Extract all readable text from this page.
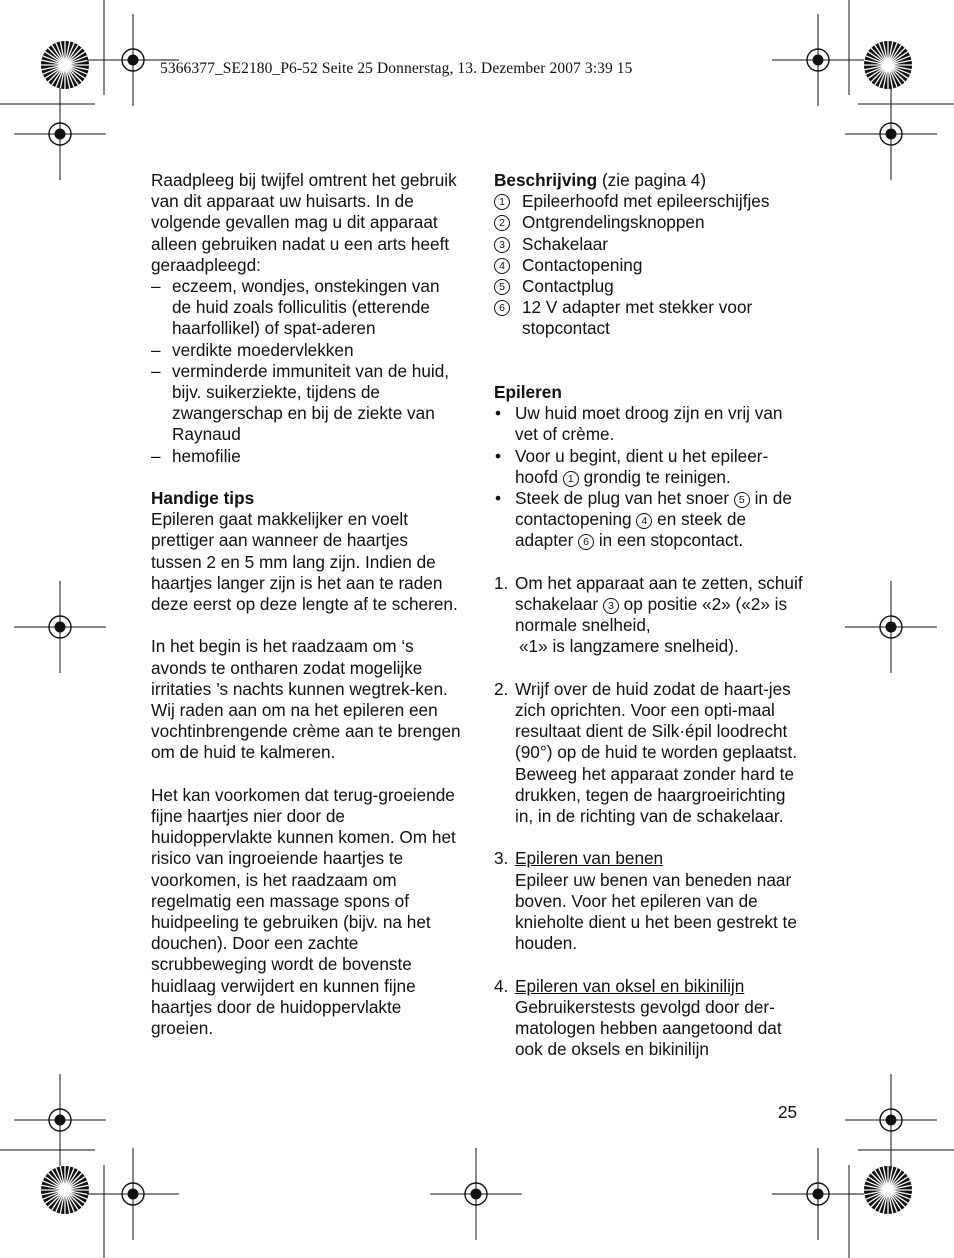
5366377_SE2180_P6-52 Seite 25 Donnerstag, 13. Dezember 2007 3:39 15

Raadpleeg bij twijfel omtrent het gebruik van dit apparaat uw huisarts. In de volgende gevallen mag u dit apparaat alleen gebruiken nadat u een arts heeft geraadpleegd:

– eczeem, wondjes, onstekingen van de huid zoals folliculitis (etterende haarfollikel) of spat-aderen
– verdikte moedervlekken
– verminderde immuniteit van de huid, bijv. suikerziekte, tijdens de zwangerschap en bij de ziekte van Raynaud
– hemofilie

Handige tips

Epileren gaat makkelijker en voelt prettiger aan wanneer de haartjes tussen 2 en 5 mm lang zijn. Indien de haartjes langer zijn is het aan te raden deze eerst op deze lengte af te scheren.

In het begin is het raadzaam om ‘s avonds te ontharen zodat mogelijke irritaties ’s nachts kunnen wegtrek-ken. Wij raden aan om na het epileren een vochtinbrengende crème aan te brengen om de huid te kalmeren.

Het kan voorkomen dat terug-groeiende fijne haartjes nier door de huidoppervlakte kunnen komen. Om het risico van ingroeiende haartjes te voorkomen, is het raadzaam om regelmatig een massage spons of huidpeeling te gebruiken (bijv. na het douchen). Door een zachte scrubbeweging wordt de bovenste huidlaag verwijdert en kunnen fijne haartjes door de huidoppervlakte groeien.

Beschrijving (zie pagina 4)

1 Epileerhoofd met epileerschijfjes
2 Ontgrendelingsknoppen
3 Schakelaar
4 Contactopening
5 Contactplug
6 12 V adapter met stekker voor stopcontact

Epileren

• Uw huid moet droog zijn en vrij van vet of crème.
• Voor u begint, dient u het epileer-hoofd 1 grondig te reinigen.
• Steek de plug van het snoer 5 in de contactopening 4 en steek de adapter 6 in een stopcontact.
1. Om het apparaat aan te zetten, schuif schakelaar 3 op positie «2» («2» is normale snelheid,
«1» is langzamere snelheid).
2. Wrijf over de huid zodat de haart-jes zich oprichten. Voor een opti-maal resultaat dient de Silk·épil loodrecht (90°) op de huid te worden geplaatst. Beweeg het apparaat zonder hard te drukken, tegen de haargroeirichting in, in de richting van de schakelaar.
3. Epileren van benen
Epileer uw benen van beneden naar boven. Voor het epileren van de knieholte dient u het been gestrekt te houden.
4. Epileren van oksel en bikinilijn
Gebruikerstests gevolgd door der-matologen hebben aangetoond dat ook de oksels en bikinilijn
25
